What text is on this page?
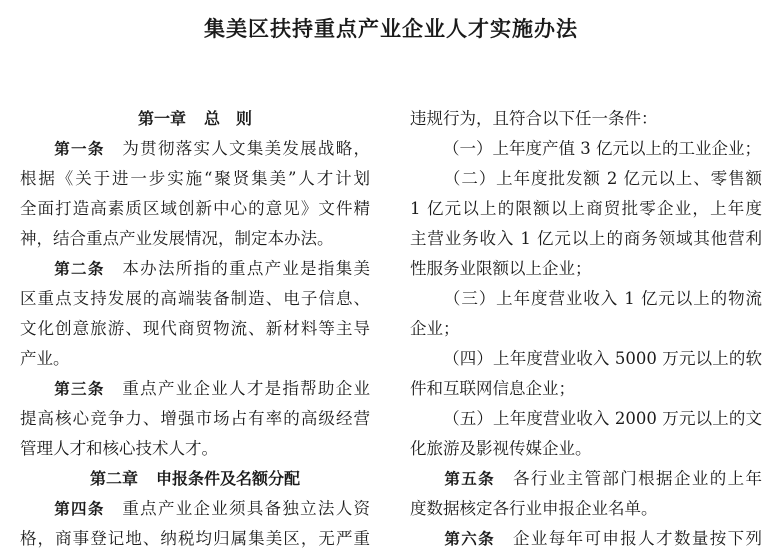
集美区扶持重点产业企业人才实施办法
第一章 总　则
第一条　 为贯彻落实人文集美发展战略，
根据《关于进一步实施“聚贤集美”人才计划
全面打造高素质区域创新中心的意见》文件精
神，结合重点产业发展情况，制定本办法。
第二条　 本办法所指的重点产业是指集美
区重点支持发展的高端装备制造、电子信息、
文化创意旅游、现代商贸物流、新材料等主导
产业。
第三条　 重点产业企业人才是指帮助企业
提高核心竞争力、增强市场占有率的高级经营
管理人才和核心技术人才。
第二章 申报条件及名额分配
第四条　 重点产业企业须具备独立法人资
格，商事登记地、纳税均归属集美区，无严重
违规行为，且符合以下任一条件：
（一）上年度产值 3 亿元以上的工业企业；
（二）上年度批发额 2 亿元以上、零售额
1 亿元以上的限额以上商贸批零企业，上年度
主营业务收入 1 亿元以上的商务领域其他营利
性服务业限额以上企业；
（三）上年度营业收入 1 亿元以上的物流
企业；
（四）上年度营业收入 5000 万元以上的软
件和互联网信息企业；
（五）上年度营业收入 2000 万元以上的文
化旅游及影视传媒企业。
第五条　 各行业主管部门根据企业的上年
度数据核定各行业申报企业名单。
第六条　 企业每年可申报人才数量按下列
